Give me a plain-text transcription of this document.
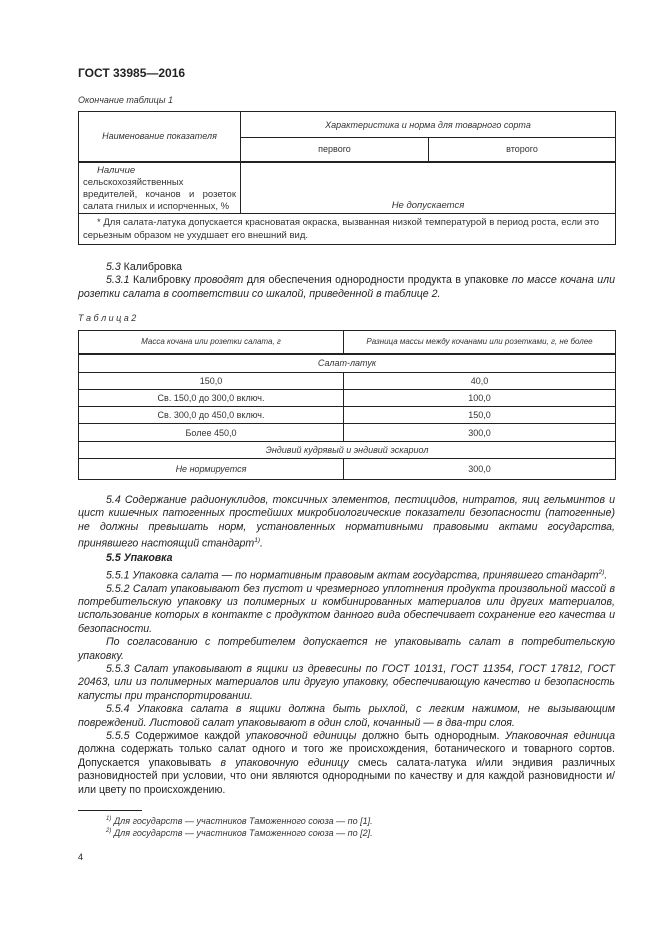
ГОСТ 33985—2016
Окончание таблицы 1
Наименование показателя	Характеристика и норма для товарного сорта	
	первого	второго
Наличие сельскохозяйственных вредителей, кочанов и розеток салата гнилых и испорченных, %	Не допускается	
* Для салата-латука допускается красноватая окраска, вызванная низкой температурой в период роста, если это серьезным образом не ухудшает его внешний вид.		

5.3 Калибровка

5.3.1 Калибровку проводят для обеспечения однородности продукта в упаковке по массе кочана или розетки салата в соответствии со шкалой, приведенной в таблице 2.

Т а б л и ц а 2
Масса кочана или розетки салата, г	Разница массы между кочанами или розетками, г, не более
Салат-латук	
150,0	40,0
Св. 150,0 до 300,0 включ.	100,0
Св. 300,0 до 450,0 включ.	150,0
Более 450,0	300,0
Эндивий кудрявый и эндивий эскариол	
Не нормируется	300,0

5.4 Содержание радионуклидов, токсичных элементов, пестицидов, нитратов, яиц гельминтов и цист кишечных патогенных простейших микробиологические показатели безопасности (патогенные) не должны превышать норм, установленных нормативными правовыми актами государства, принявшего настоящий стандарт$^{1)}$.

5.5 Упаковка

5.5.1 Упаковка салата — по нормативным правовым актам государства, принявшего стандарт$^{2)}$.

5.5.2 Салат упаковывают без пустот и чрезмерного уплотнения продукта произвольной массой в потребительскую упаковку из полимерных и комбинированных материалов или других материалов, использование которых в контакте с продуктом данного вида обеспечивает сохранение его качества и безопасности.

По согласованию с потребителем допускается не упаковывать салат в потребительскую упаковку.

5.5.3 Салат упаковывают в ящики из древесины по ГОСТ 10131, ГОСТ 11354, ГОСТ 17812, ГОСТ 20463, или из полимерных материалов или другую упаковку, обеспечивающую качество и безопасность капусты при транспортировании.

5.5.4 Упаковка салата в ящики должна быть рыхлой, с легким нажимом, не вызывающим повреждений. Листовой салат упаковывают в один слой, кочанный — в два-три слоя.

5.5.5 Содержимое каждой упаковочной единицы должно быть однородным. Упаковочная единица должна содержать только салат одного и того же происхождения, ботанического и товарного сортов. Допускается упаковывать в упаковочную единицу смесь салата-латука и/или эндивия различных разновидностей при условии, что они являются однородными по качеству и для каждой разновидности и/или цвету по происхождению.

$^{1)}$ Для государств — участников Таможенного союза — по [1].
$^{2)}$ Для государств — участников Таможенного союза — по [2].
4
